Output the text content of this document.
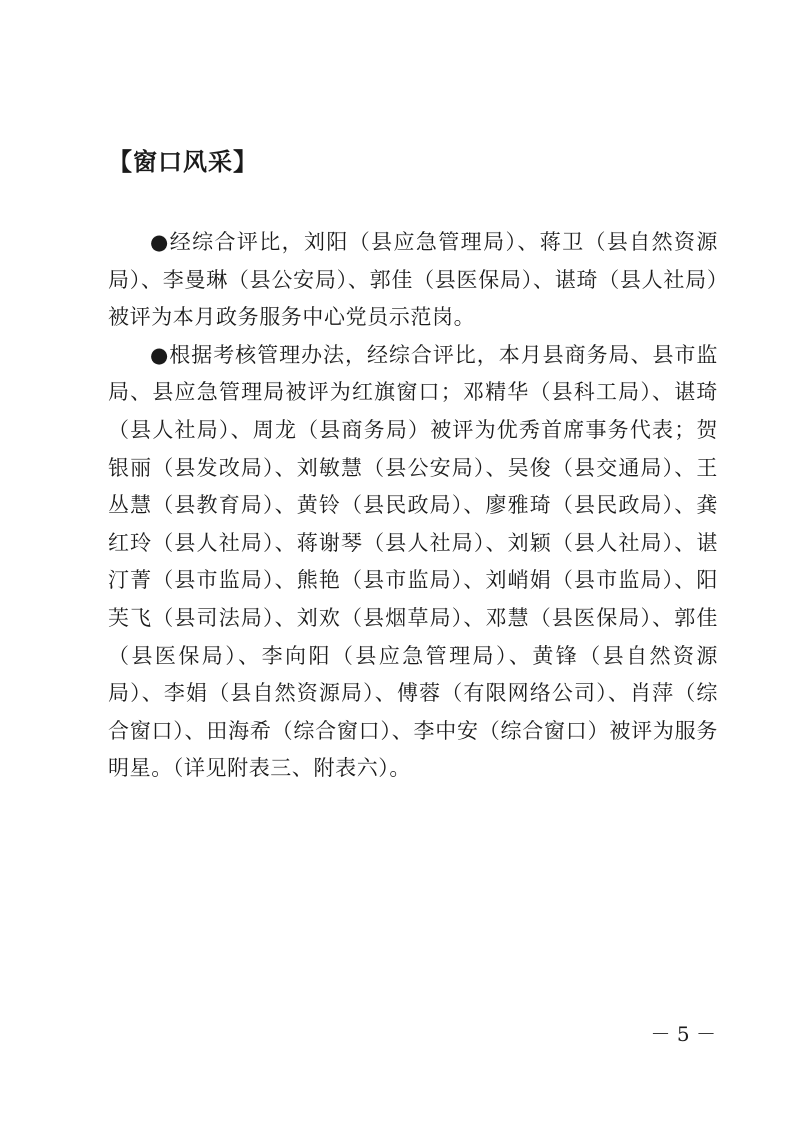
【窗口风采】

●经综合评比，刘阳（县应急管理局）、蒋卫（县自然资源局）、李曼琳（县公安局）、郭佳（县医保局）、谌琦（县人社局）被评为本月政务服务中心党员示范岗。

●根据考核管理办法，经综合评比，本月县商务局、县市监局、县应急管理局被评为红旗窗口；邓精华（县科工局）、谌琦（县人社局）、周龙（县商务局）被评为优秀首席事务代表；贺银丽（县发改局）、刘敏慧（县公安局）、吴俊（县交通局）、王丛慧（县教育局）、黄铃（县民政局）、廖雅琦（县民政局）、龚红玲（县人社局）、蒋谢琴（县人社局）、刘颖（县人社局）、谌汀菁（县市监局）、熊艳（县市监局）、刘峭娟（县市监局）、阳芙飞（县司法局）、刘欢（县烟草局）、邓慧（县医保局）、郭佳（县医保局）、李向阳（县应急管理局）、黄锋（县自然资源局）、李娟（县自然资源局）、傅蓉（有限网络公司）、肖萍（综合窗口）、田海希（综合窗口）、李中安（综合窗口）被评为服务明星。（详见附表三、附表六）。

－ 5 －
